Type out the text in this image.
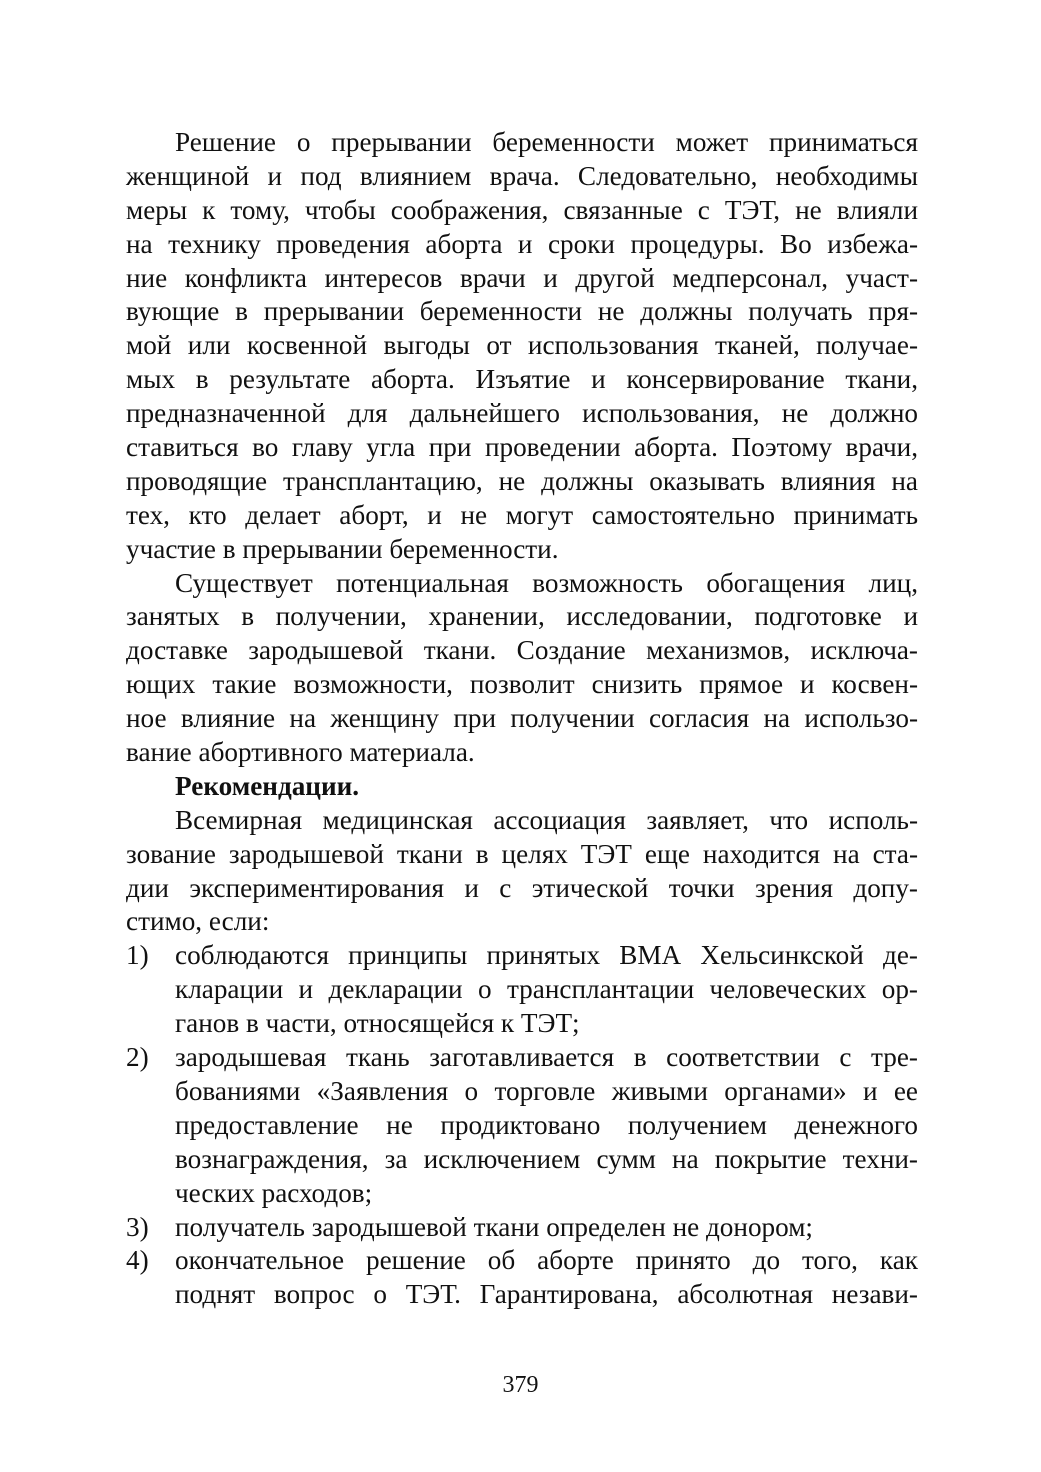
Решение о прерывании беременности может приниматься
женщиной и под влиянием врача. Следовательно, необходимы
меры к тому, чтобы соображения, связанные с ТЭТ, не влияли
на технику проведения аборта и сроки процедуры. Во избежа-
ние конфликта интересов врачи и другой медперсонал, участ-
вующие в прерывании беременности не должны получать пря-
мой или косвенной выгоды от использования тканей, получае-
мых в результате аборта. Изъятие и консервирование ткани,
предназначенной для дальнейшего использования, не должно
ставиться во главу угла при проведении аборта. Поэтому врачи,
проводящие трансплантацию, не должны оказывать влияния на
тех, кто делает аборт, и не могут самостоятельно принимать
участие в прерывании беременности.
Существует потенциальная возможность обогащения лиц,
занятых в получении, хранении, исследовании, подготовке и
доставке зародышевой ткани. Создание механизмов, исключа-
ющих такие возможности, позволит снизить прямое и косвен-
ное влияние на женщину при получении согласия на использо-
вание абортивного материала.
Рекомендации.
Всемирная медицинская ассоциация заявляет, что исполь-
зование зародышевой ткани в целях ТЭТ еще находится на ста-
дии экспериментирования и с этической точки зрения допу-
стимо, если:
1) соблюдаются принципы принятых ВМА Хельсинкской де-
кларации и декларации о трансплантации человеческих ор-
ганов в части, относящейся к ТЭТ;
2) зародышевая ткань заготавливается в соответствии с тре-
бованиями «Заявления о торговле живыми органами» и ее
предоставление не продиктовано получением денежного
вознаграждения, за исключением сумм на покрытие техни-
ческих расходов;
3) получатель зародышевой ткани определен не донором;
4) окончательное решение об аборте принято до того, как
поднят вопрос о ТЭТ. Гарантирована, абсолютная незави-
379
